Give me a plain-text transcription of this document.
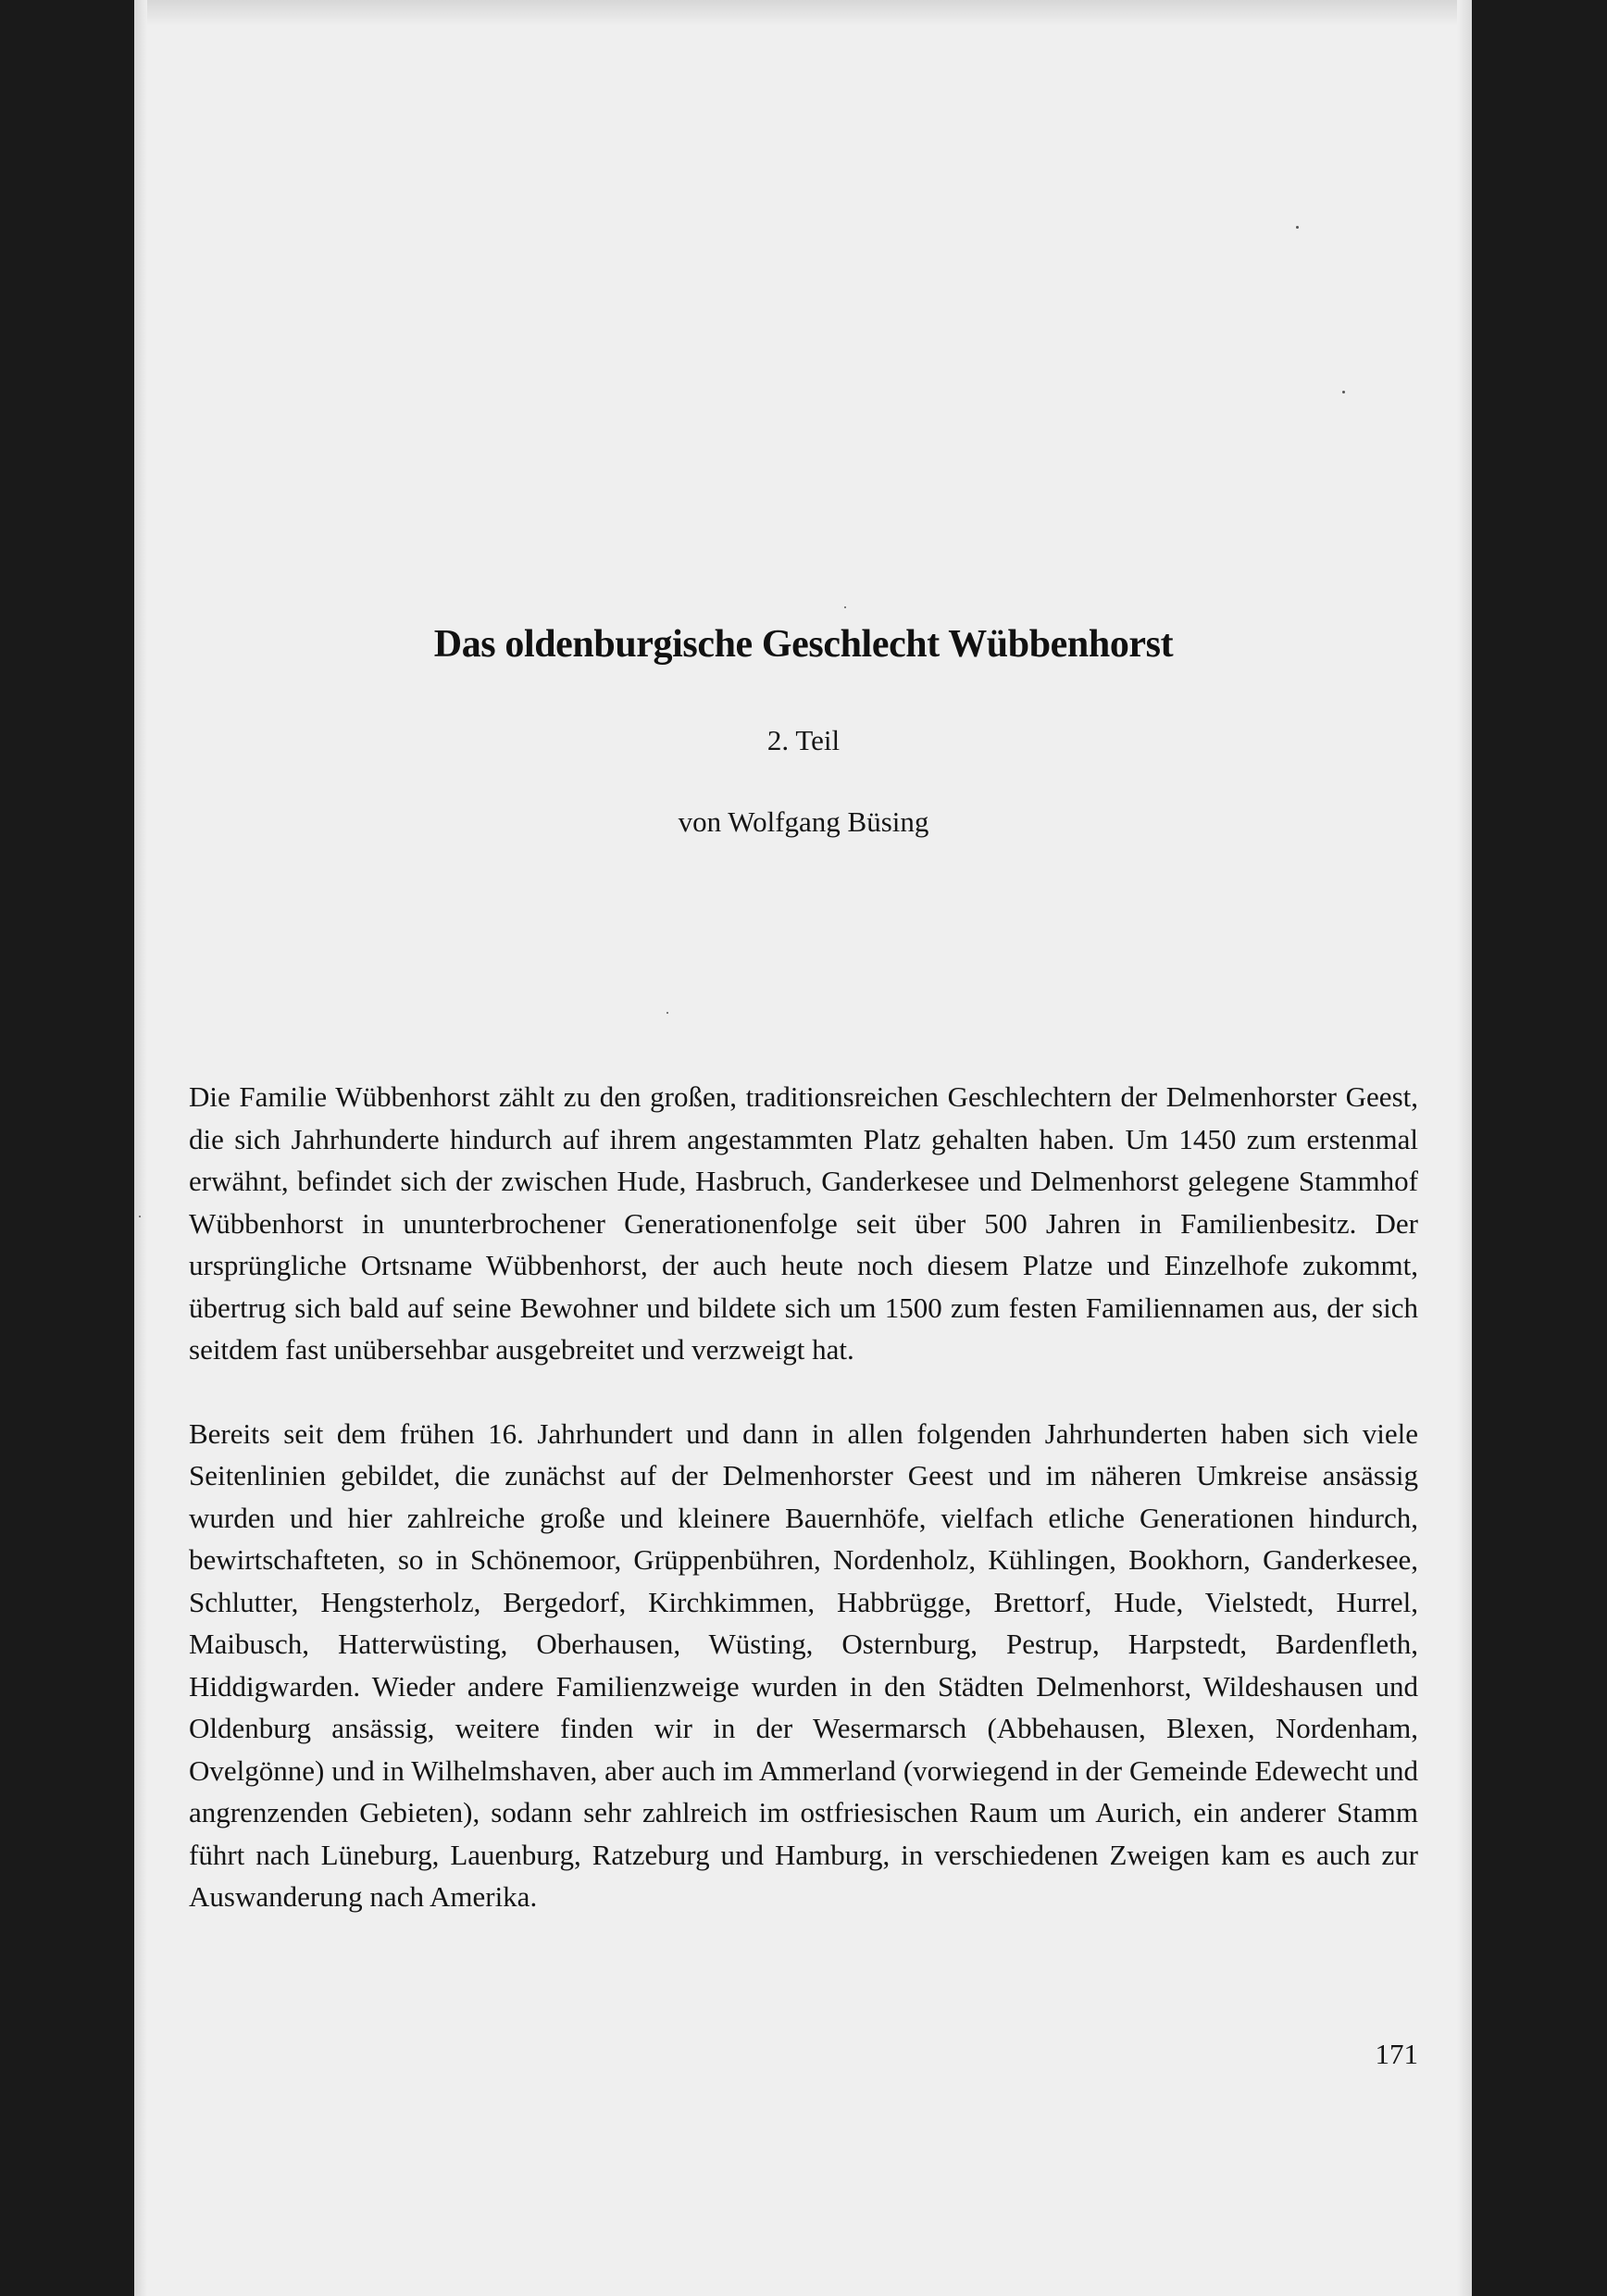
Das oldenburgische Geschlecht Wübbenhorst
2. Teil
von Wolfgang Büsing

Die Familie Wübbenhorst zählt zu den großen, traditionsreichen Geschlechtern der Delmenhorster Geest, die sich Jahrhunderte hindurch auf ihrem angestammten Platz gehalten haben. Um 1450 zum erstenmal erwähnt, befindet sich der zwischen Hude, Hasbruch, Ganderkesee und Delmenhorst gelegene Stammhof Wübbenhorst in ununterbrochener Generationenfolge seit über 500 Jahren in Familienbesitz. Der ursprüngliche Ortsname Wübbenhorst, der auch heute noch diesem Platze und Einzelhofe zukommt, übertrug sich bald auf seine Bewohner und bildete sich um 1500 zum festen Familiennamen aus, der sich seitdem fast unübersehbar ausgebreitet und verzweigt hat.

Bereits seit dem frühen 16. Jahrhundert und dann in allen folgenden Jahrhunderten haben sich viele Seitenlinien gebildet, die zunächst auf der Delmenhorster Geest und im näheren Umkreise ansässig wurden und hier zahlreiche große und kleinere Bauernhöfe, vielfach etliche Generationen hindurch, bewirtschafteten, so in Schönemoor, Grüppenbühren, Nordenholz, Kühlingen, Bookhorn, Ganderkesee, Schlutter, Hengsterholz, Bergedorf, Kirchkimmen, Habbrügge, Brettorf, Hude, Vielstedt, Hurrel, Maibusch, Hatterwüsting, Oberhausen, Wüsting, Osternburg, Pestrup, Harpstedt, Bardenfleth, Hiddigwarden. Wieder andere Familienzweige wurden in den Städten Delmenhorst, Wildeshausen und Oldenburg ansässig, weitere finden wir in der Wesermarsch (Abbehausen, Blexen, Nordenham, Ovelgönne) und in Wilhelmshaven, aber auch im Ammerland (vorwiegend in der Gemeinde Edewecht und angrenzenden Gebieten), sodann sehr zahlreich im ostfriesischen Raum um Aurich, ein anderer Stamm führt nach Lüneburg, Lauenburg, Ratzeburg und Hamburg, in verschiedenen Zweigen kam es auch zur Auswanderung nach Amerika.

171
